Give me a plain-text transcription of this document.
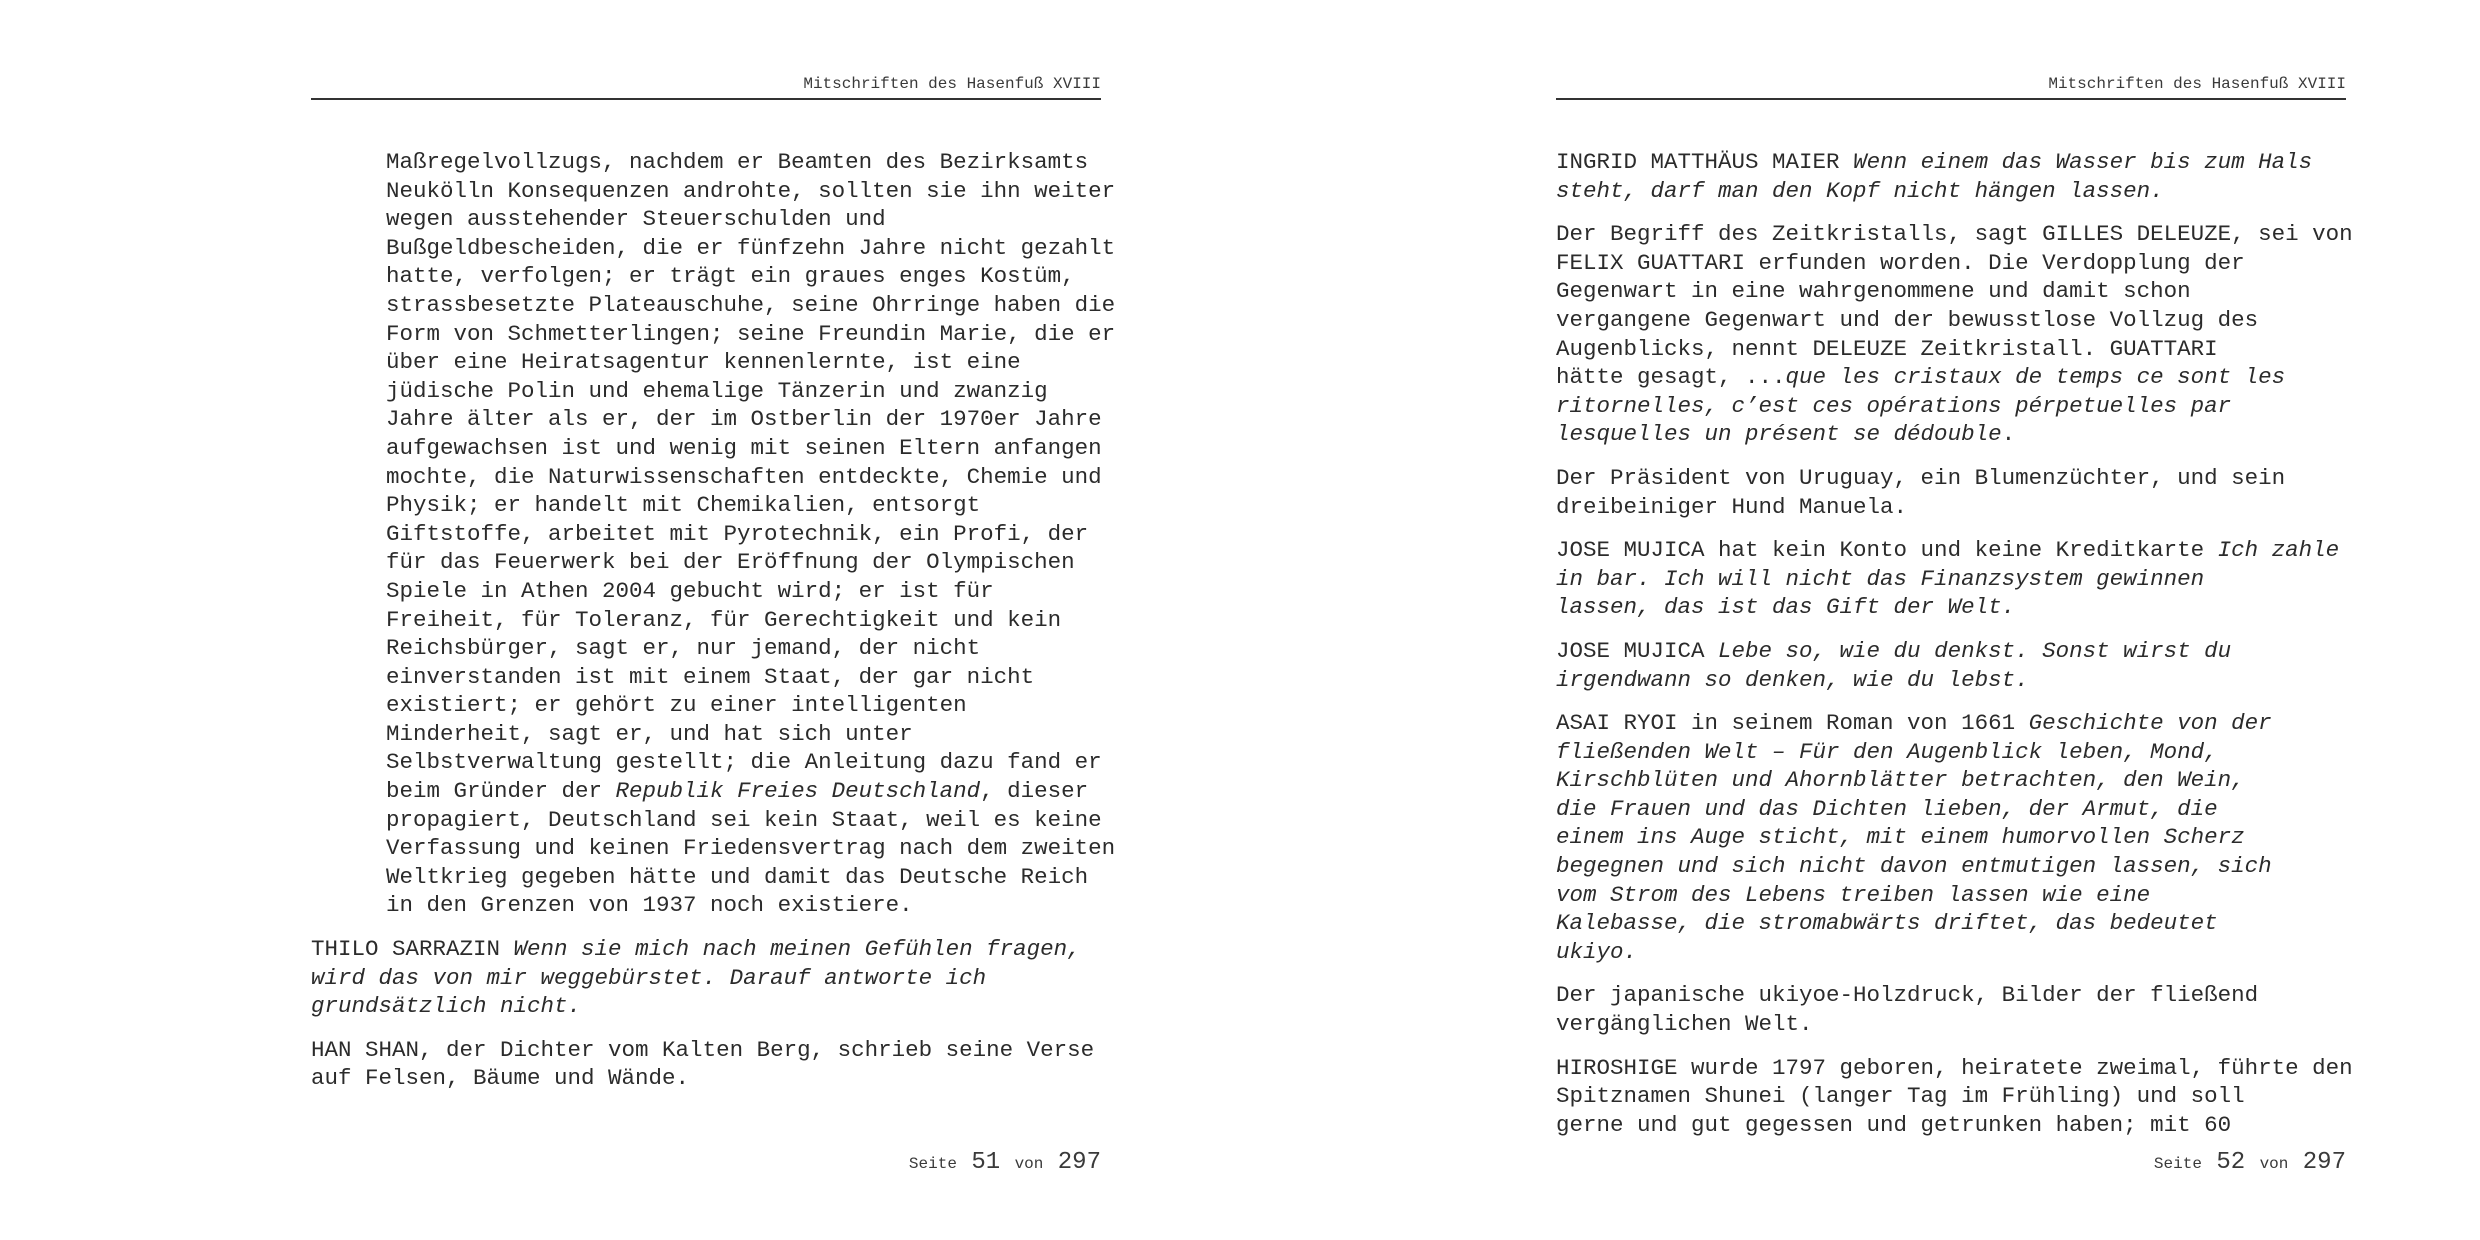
Mitschriften des Hasenfuß XVIII
Maßregelvollzugs, nachdem er Beamten des Bezirksamts
Neukölln Konsequenzen androhte, sollten sie ihn weiter
wegen ausstehender Steuerschulden und
Bußgeldbescheiden, die er fünfzehn Jahre nicht gezahlt
hatte, verfolgen; er trägt ein graues enges Kostüm,
strassbesetzte Plateauschuhe, seine Ohrringe haben die
Form von Schmetterlingen; seine Freundin Marie, die er
über eine Heiratsagentur kennenlernte, ist eine
jüdische Polin und ehemalige Tänzerin und zwanzig
Jahre älter als er, der im Ostberlin der 1970er Jahre
aufgewachsen ist und wenig mit seinen Eltern anfangen
mochte, die Naturwissenschaften entdeckte, Chemie und
Physik; er handelt mit Chemikalien, entsorgt
Giftstoffe, arbeitet mit Pyrotechnik, ein Profi, der
für das Feuerwerk bei der Eröffnung der Olympischen
Spiele in Athen 2004 gebucht wird; er ist für
Freiheit, für Toleranz, für Gerechtigkeit und kein
Reichsbürger, sagt er, nur jemand, der nicht
einverstanden ist mit einem Staat, der gar nicht
existiert; er gehört zu einer intelligenten
Minderheit, sagt er, und hat sich unter
Selbstverwaltung gestellt; die Anleitung dazu fand er
beim Gründer der Republik Freies Deutschland, dieser
propagiert, Deutschland sei kein Staat, weil es keine
Verfassung und keinen Friedensvertrag nach dem zweiten
Weltkrieg gegeben hätte und damit das Deutsche Reich
in den Grenzen von 1937 noch existiere.
THILO SARRAZIN Wenn sie mich nach meinen Gefühlen fragen,
wird das von mir weggebürstet. Darauf antworte ich
grundsätzlich nicht.
HAN SHAN, der Dichter vom Kalten Berg, schrieb seine Verse
auf Felsen, Bäume und Wände.
Seite 51 von 297
Mitschriften des Hasenfuß XVIII
INGRID MATTHÄUS MAIER Wenn einem das Wasser bis zum Hals
steht, darf man den Kopf nicht hängen lassen.
Der Begriff des Zeitkristalls, sagt GILLES DELEUZE, sei von
FELIX GUATTARI erfunden worden. Die Verdopplung der
Gegenwart in eine wahrgenommene und damit schon
vergangene Gegenwart und der bewusstlose Vollzug des
Augenblicks, nennt DELEUZE Zeitkristall. GUATTARI
hätte gesagt, ...que les cristaux de temps ce sont les
ritornelles, c’est ces opérations pérpetuelles par
lesquelles un présent se dédouble.
Der Präsident von Uruguay, ein Blumenzüchter, und sein
dreibeiniger Hund Manuela.
JOSE MUJICA hat kein Konto und keine Kreditkarte Ich zahle
in bar. Ich will nicht das Finanzsystem gewinnen
lassen, das ist das Gift der Welt.
JOSE MUJICA Lebe so, wie du denkst. Sonst wirst du
irgendwann so denken, wie du lebst.
ASAI RYOI in seinem Roman von 1661 Geschichte von der
fließenden Welt – Für den Augenblick leben, Mond,
Kirschblüten und Ahornblätter betrachten, den Wein,
die Frauen und das Dichten lieben, der Armut, die
einem ins Auge sticht, mit einem humorvollen Scherz
begegnen und sich nicht davon entmutigen lassen, sich
vom Strom des Lebens treiben lassen wie eine
Kalebasse, die stromabwärts driftet, das bedeutet
ukiyo.
Der japanische ukiyoe-Holzdruck, Bilder der fließend
vergänglichen Welt.
HIROSHIGE wurde 1797 geboren, heiratete zweimal, führte den
Spitznamen Shunei (langer Tag im Frühling) und soll
gerne und gut gegessen und getrunken haben; mit 60
Seite 52 von 297
